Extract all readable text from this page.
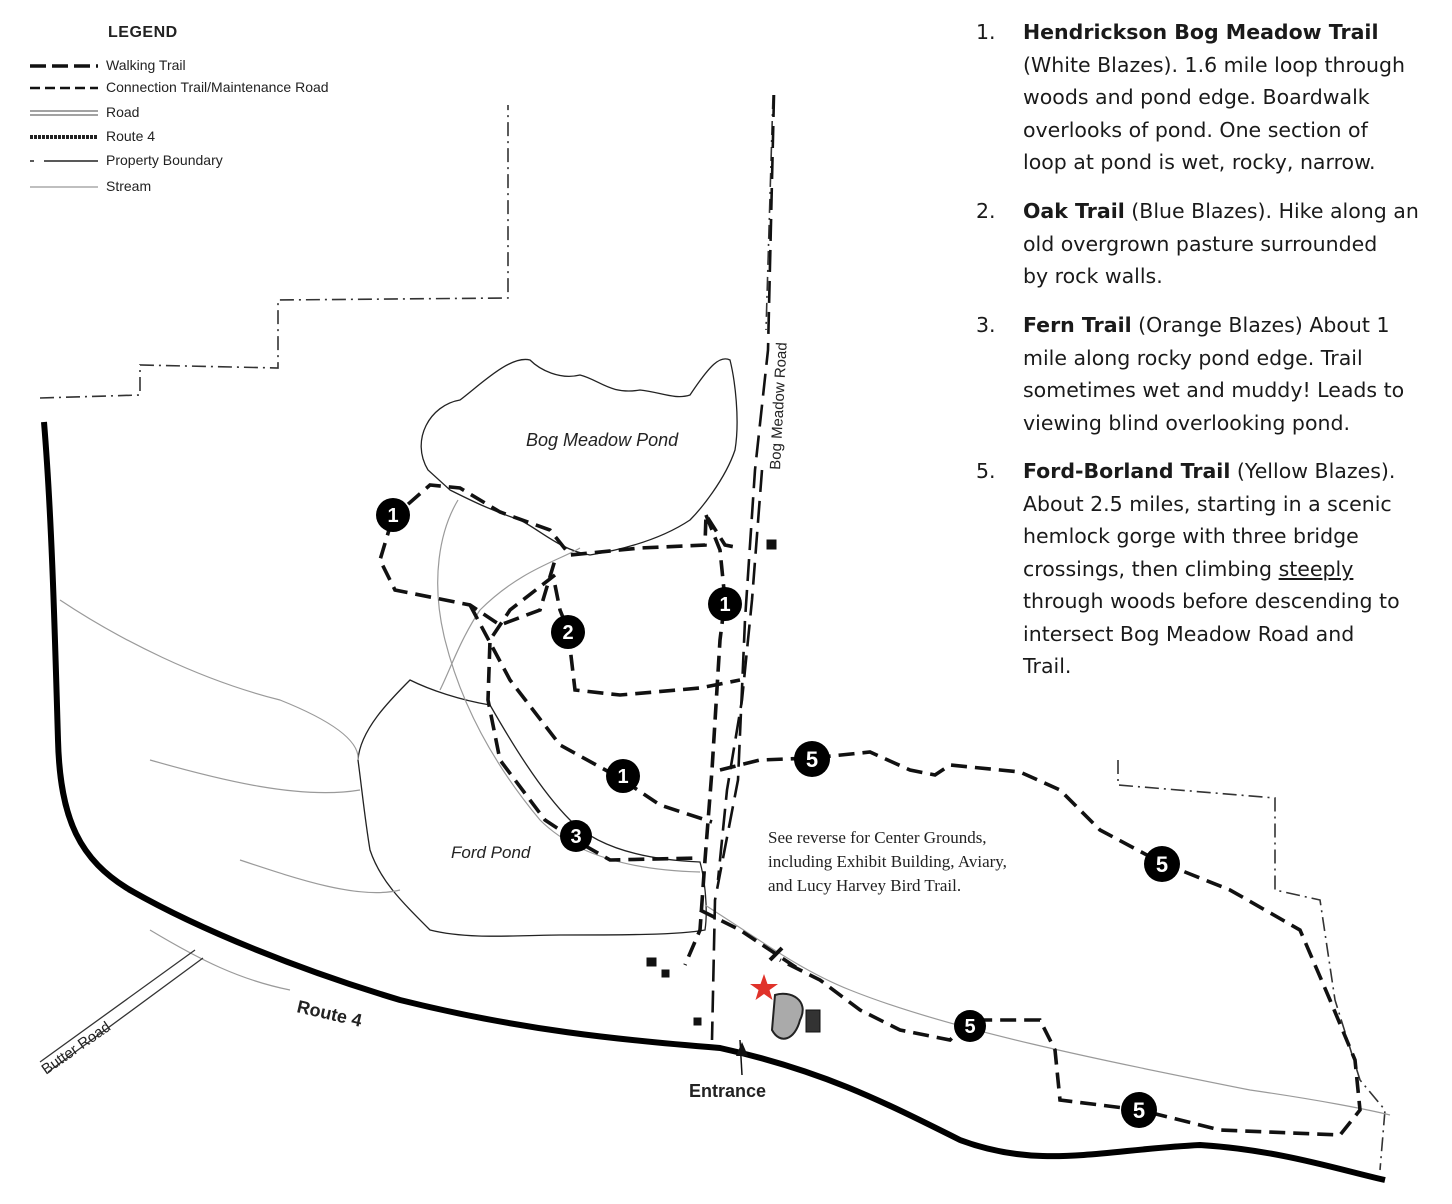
1
1
1
2
3
5
5
5
5
Bog Meadow Road
Route 4
Butter Road
LEGEND
Walking Trail
Connection Trail/Maintenance Road
Road
Route 4
Property Boundary
Stream
Bog Meadow Pond
Ford Pond
Entrance
See reverse for Center Grounds,
including Exhibit Building, Aviary,
and Lucy Harvey Bird Trail.
1. Hendrickson Bog Meadow Trail
(White Blazes). 1.6 mile loop through
woods and pond edge. Boardwalk
overlooks of pond. One section of
loop at pond is wet, rocky, narrow.
2. Oak Trail (Blue Blazes). Hike along an
old overgrown pasture surrounded
by rock walls.
3. Fern Trail (Orange Blazes) About 1
mile along rocky pond edge. Trail
sometimes wet and muddy! Leads to
viewing blind overlooking pond.
5. Ford-Borland Trail (Yellow Blazes).
About 2.5 miles, starting in a scenic
hemlock gorge with three bridge
crossings, then climbing steeply
through woods before descending to
intersect Bog Meadow Road and
Trail.
